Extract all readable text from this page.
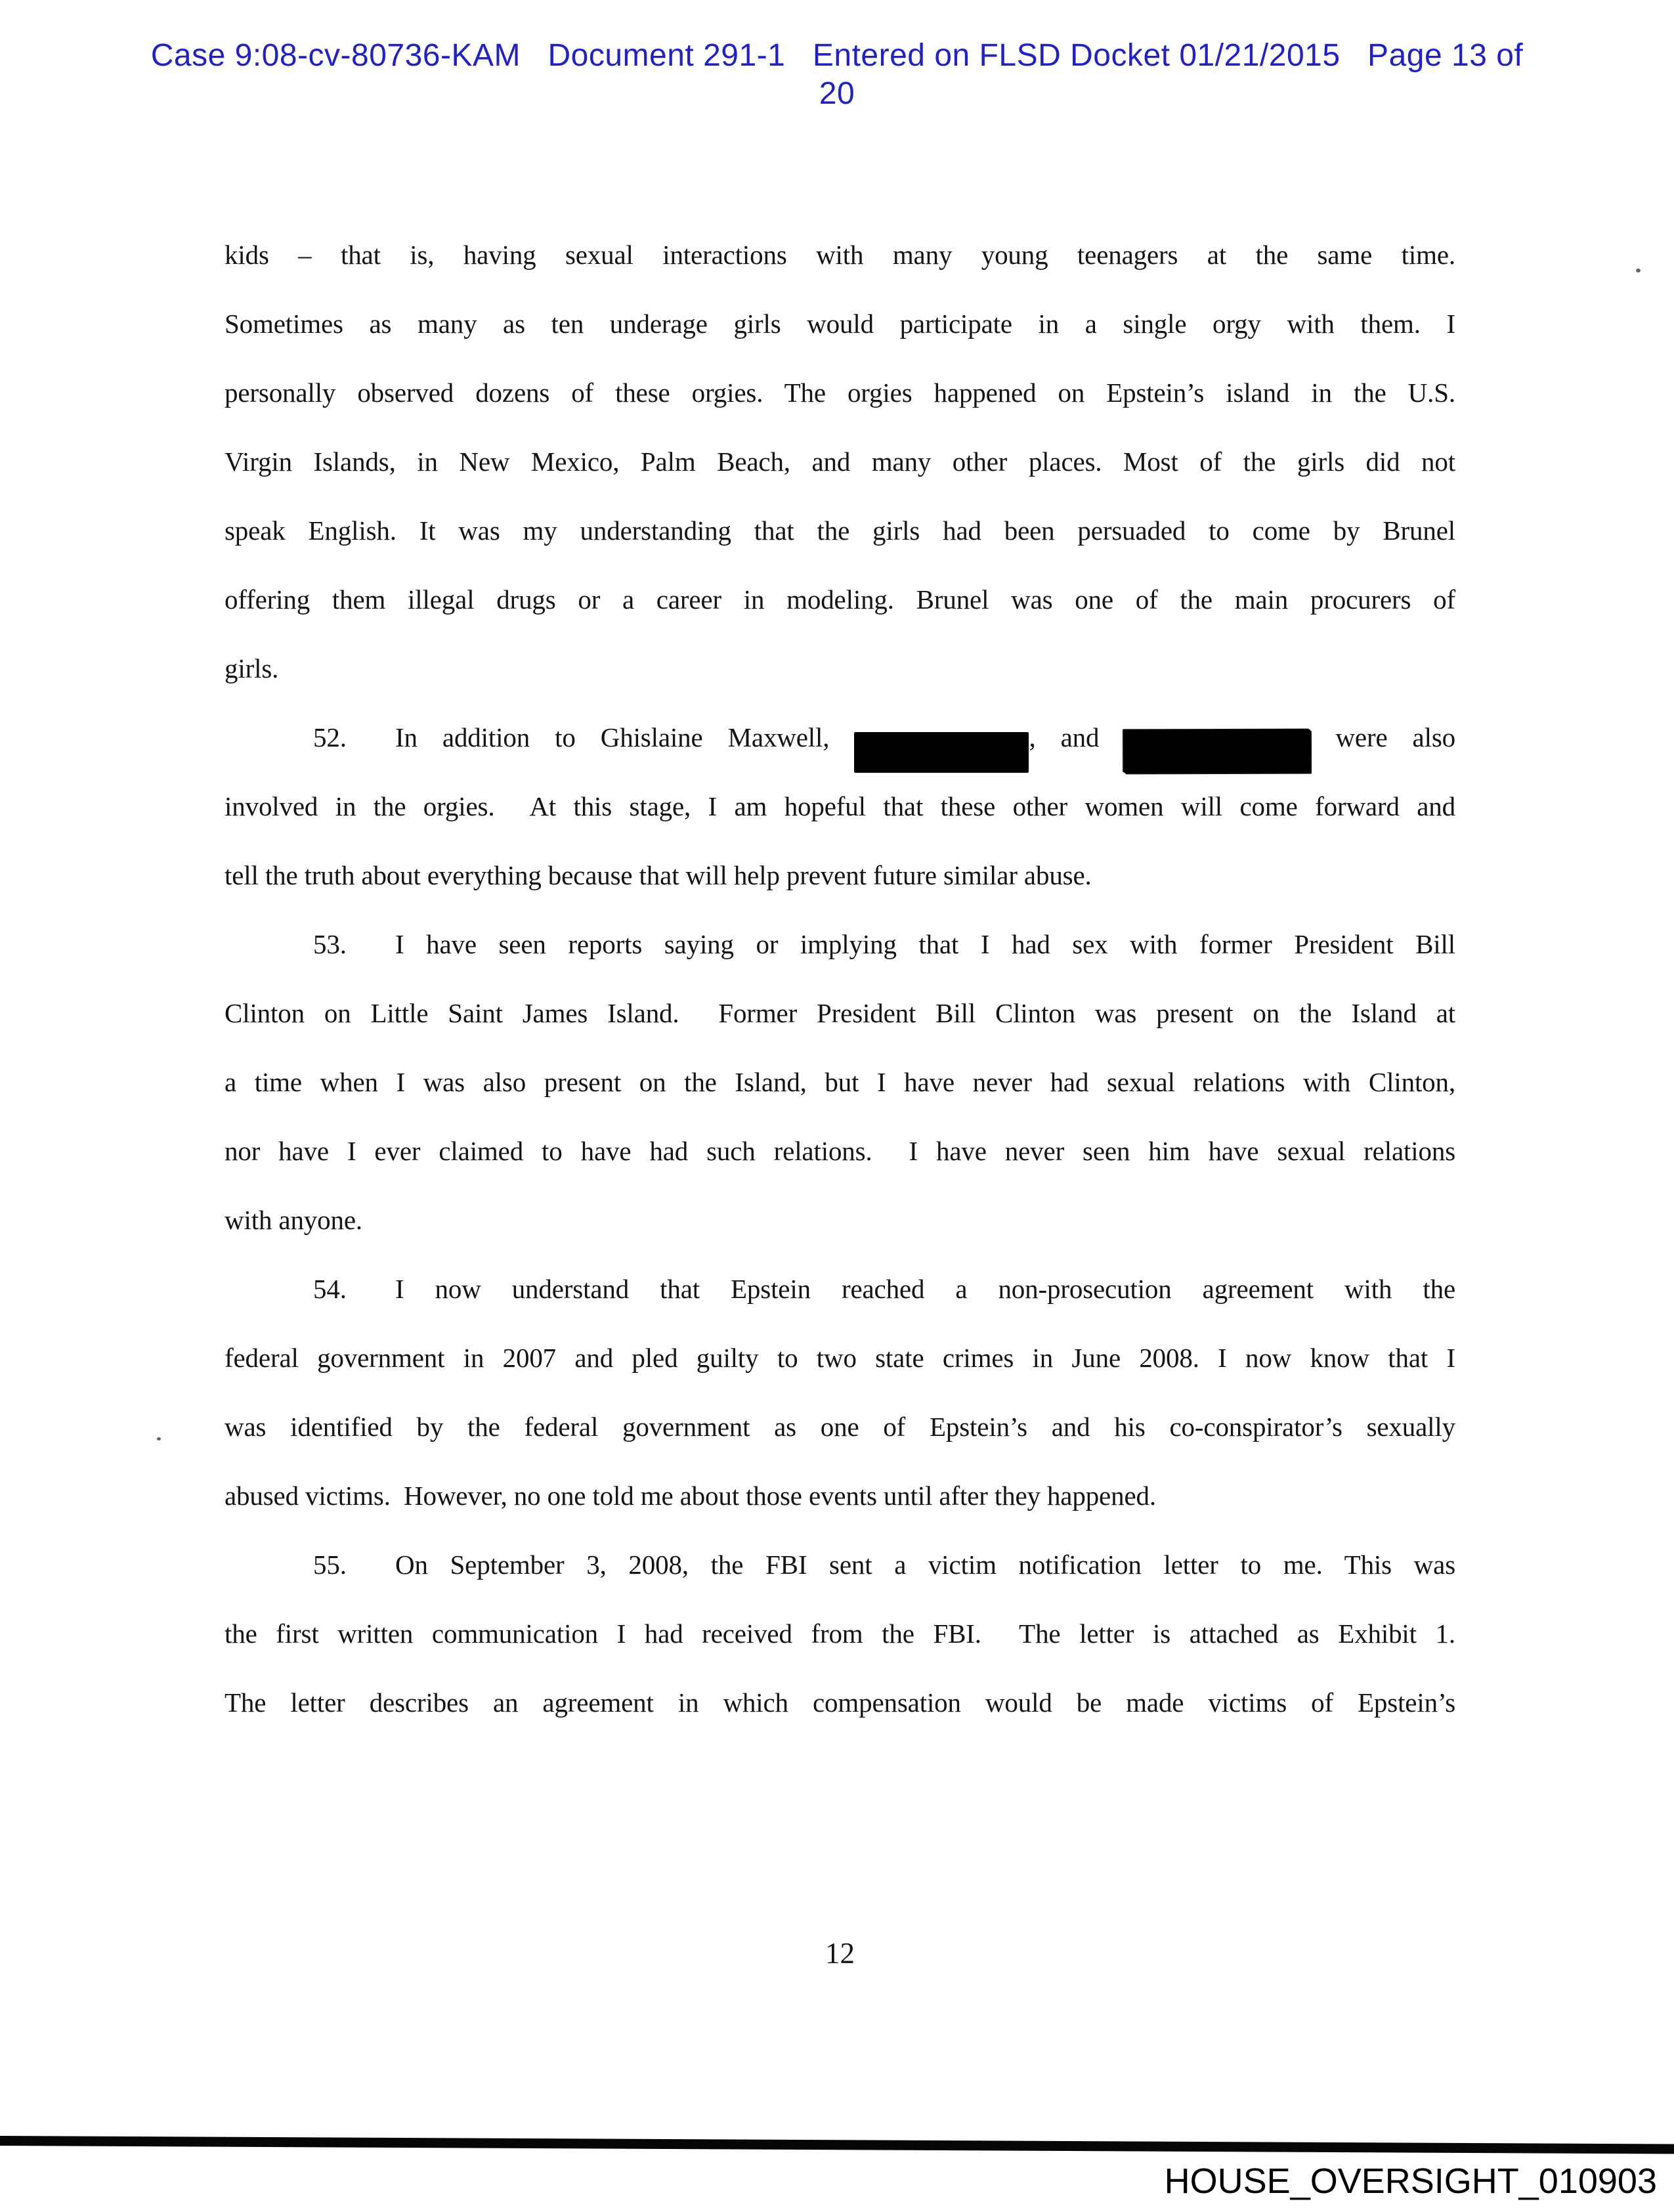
Case 9:08-cv-80736-KAM   Document 291-1   Entered on FLSD Docket 01/21/2015   Page 13 of
20
kids – that is, having sexual interactions with many young teenagers at the same time.
Sometimes as many as ten underage girls would participate in a single orgy with them. I
personally observed dozens of these orgies. The orgies happened on Epstein’s island in the U.S.
Virgin Islands, in New Mexico, Palm Beach, and many other places. Most of the girls did not
speak English. It was my understanding that the girls had been persuaded to come by Brunel
offering them illegal drugs or a career in modeling. Brunel was one of the main procurers of
girls.
52. In addition to Ghislaine Maxwell,	, and	were also
involved in the orgies.  At this stage, I am hopeful that these other women will come forward and
tell the truth about everything because that will help prevent future similar abuse.
53. I have seen reports saying or implying that I had sex with former President Bill
Clinton on Little Saint James Island.  Former President Bill Clinton was present on the Island at
a time when I was also present on the Island, but I have never had sexual relations with Clinton,
nor have I ever claimed to have had such relations.  I have never seen him have sexual relations
with anyone.
54. I now understand that Epstein reached a non-prosecution agreement with the
federal government in 2007 and pled guilty to two state crimes in June 2008. I now know that I
was identified by the federal government as one of Epstein’s and his co-conspirator’s sexually
abused victims.  However, no one told me about those events until after they happened.
55. On September 3, 2008, the FBI sent a victim notification letter to me. This was
the first written communication I had received from the FBI.  The letter is attached as Exhibit 1.
The letter describes an agreement in which compensation would be made victims of Epstein’s
12
HOUSE_OVERSIGHT_010903
